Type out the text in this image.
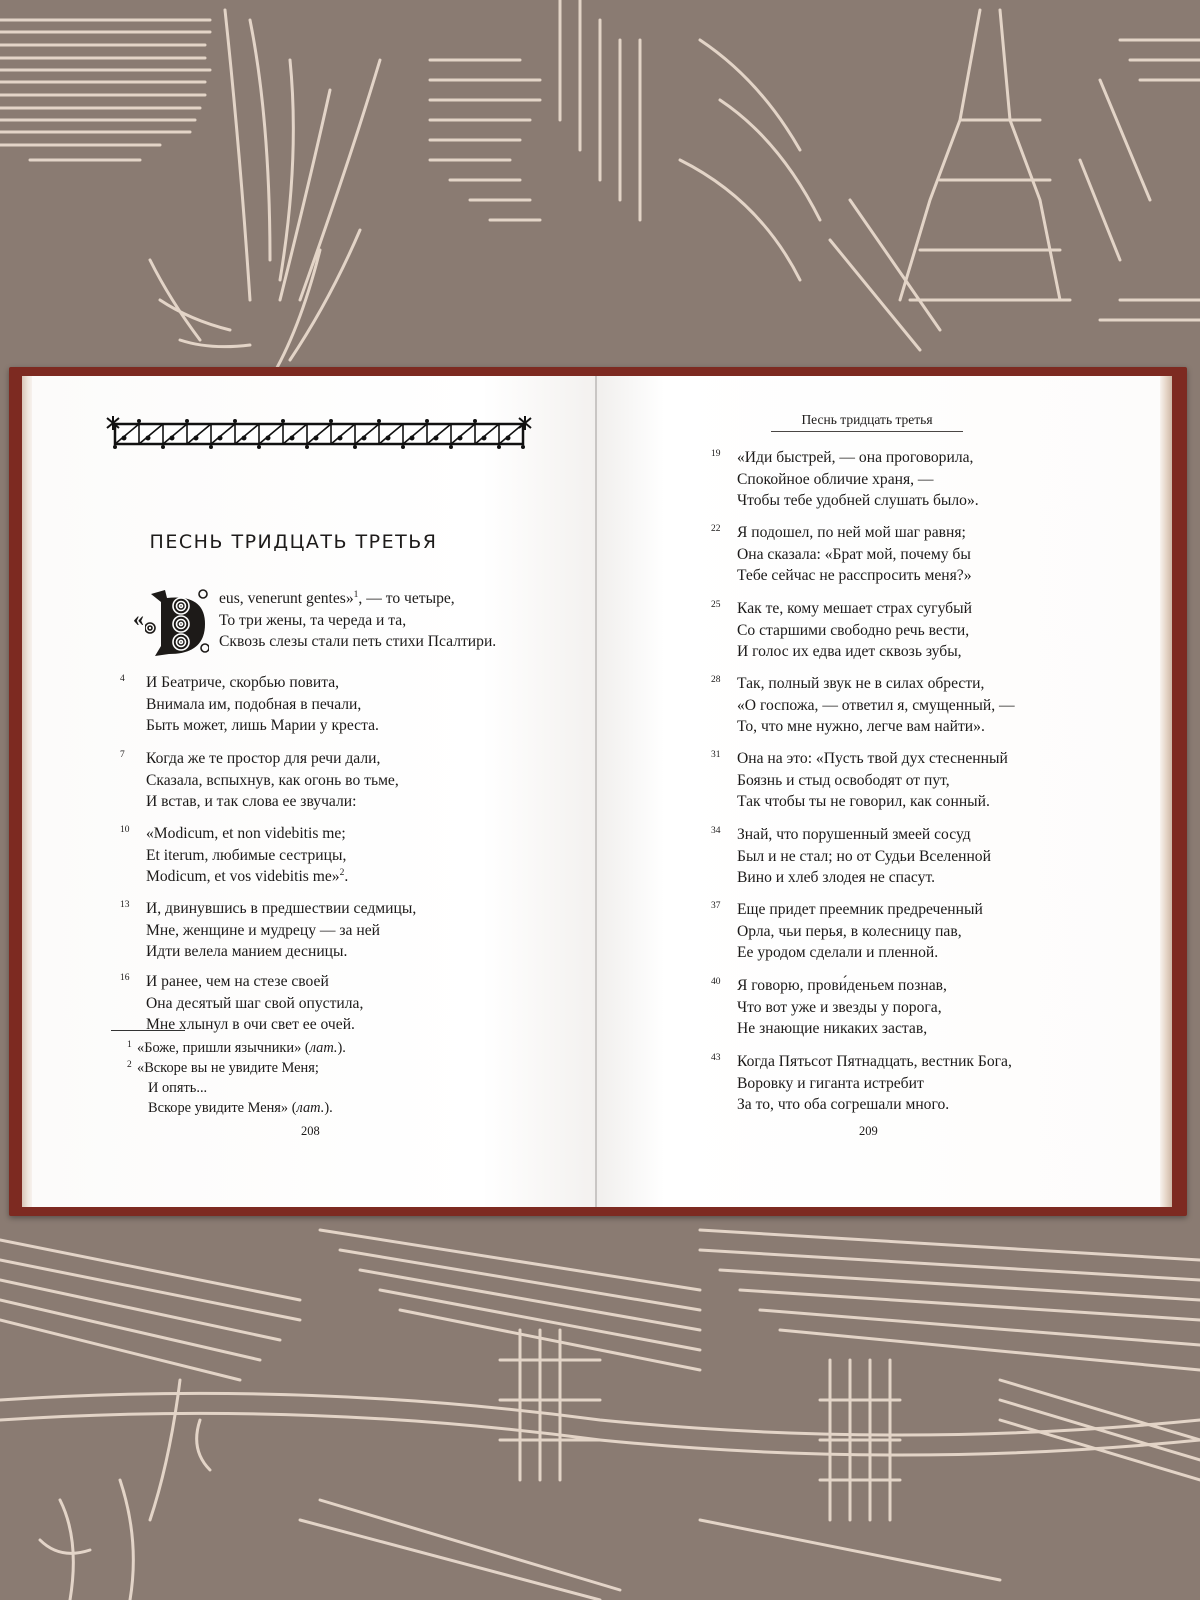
ПЕСНЬ ТРИДЦАТЬ ТРЕТЬЯ
«
eus, venerunt gentes»$^1$, — то четыре,
То три жены, та череда и та,
Сквозь слезы стали петь стихи Псалтири.
4	И Беатриче, скорбью повита,
Внимала им, подобная в печали,
Быть может, лишь Марии у креста.
7	Когда же те простор для речи дали,
Сказала, вспыхнув, как огонь во тьме,
И встав, и так слова ее звучали:
10	«Modicum, et non videbitis me;
Et iterum, любимые сестрицы,
Modicum, et vos videbitis me»$^2$.
13	И, двинувшись в предшествии седмицы,
Мне, женщине и мудрецу — за ней
Идти велела манием десницы.
16	И ранее, чем на стезе своей
Она десятый шаг свой опустила,
Мне хлынул в очи свет ее очей.
1 «Боже, пришли язычники» (лат.).
2 «Вскоре вы не увидите Меня;
И опять...
Вскоре увидите Меня» (лат.).
208
Песнь тридцать третья
19	«Иди быстрей, — она проговорила,
Спокойное обличие храня, —
Чтобы тебе удобней слушать было».
22	Я подошел, по ней мой шаг равня;
Она сказала: «Брат мой, почему бы
Тебе сейчас не расспросить меня?»
25	Как те, кому мешает страх сугубый
Со старшими свободно речь вести,
И голос их едва идет сквозь зубы,
28	Так, полный звук не в силах обрести,
«О госпожа, — ответил я, смущенный, —
То, что мне нужно, легче вам найти».
31	Она на это: «Пусть твой дух стесненный
Боязнь и стыд освободят от пут,
Так чтобы ты не говорил, как сонный.
34	Знай, что порушенный змеей сосуд
Был и не стал; но от Судьи Вселенной
Вино и хлеб злодея не спасут.
37	Еще придет преемник предреченный
Орла, чьи перья, в колесницу пав,
Ее уродом сделали и пленной.
40	Я говорю, прови́деньем познав,
Что вот уже и звезды у порога,
Не знающие никаких застав,
43	Когда Пятьсот Пятнадцать, вестник Бога,
Воровку и гиганта истребит
За то, что оба согрешали много.
209
